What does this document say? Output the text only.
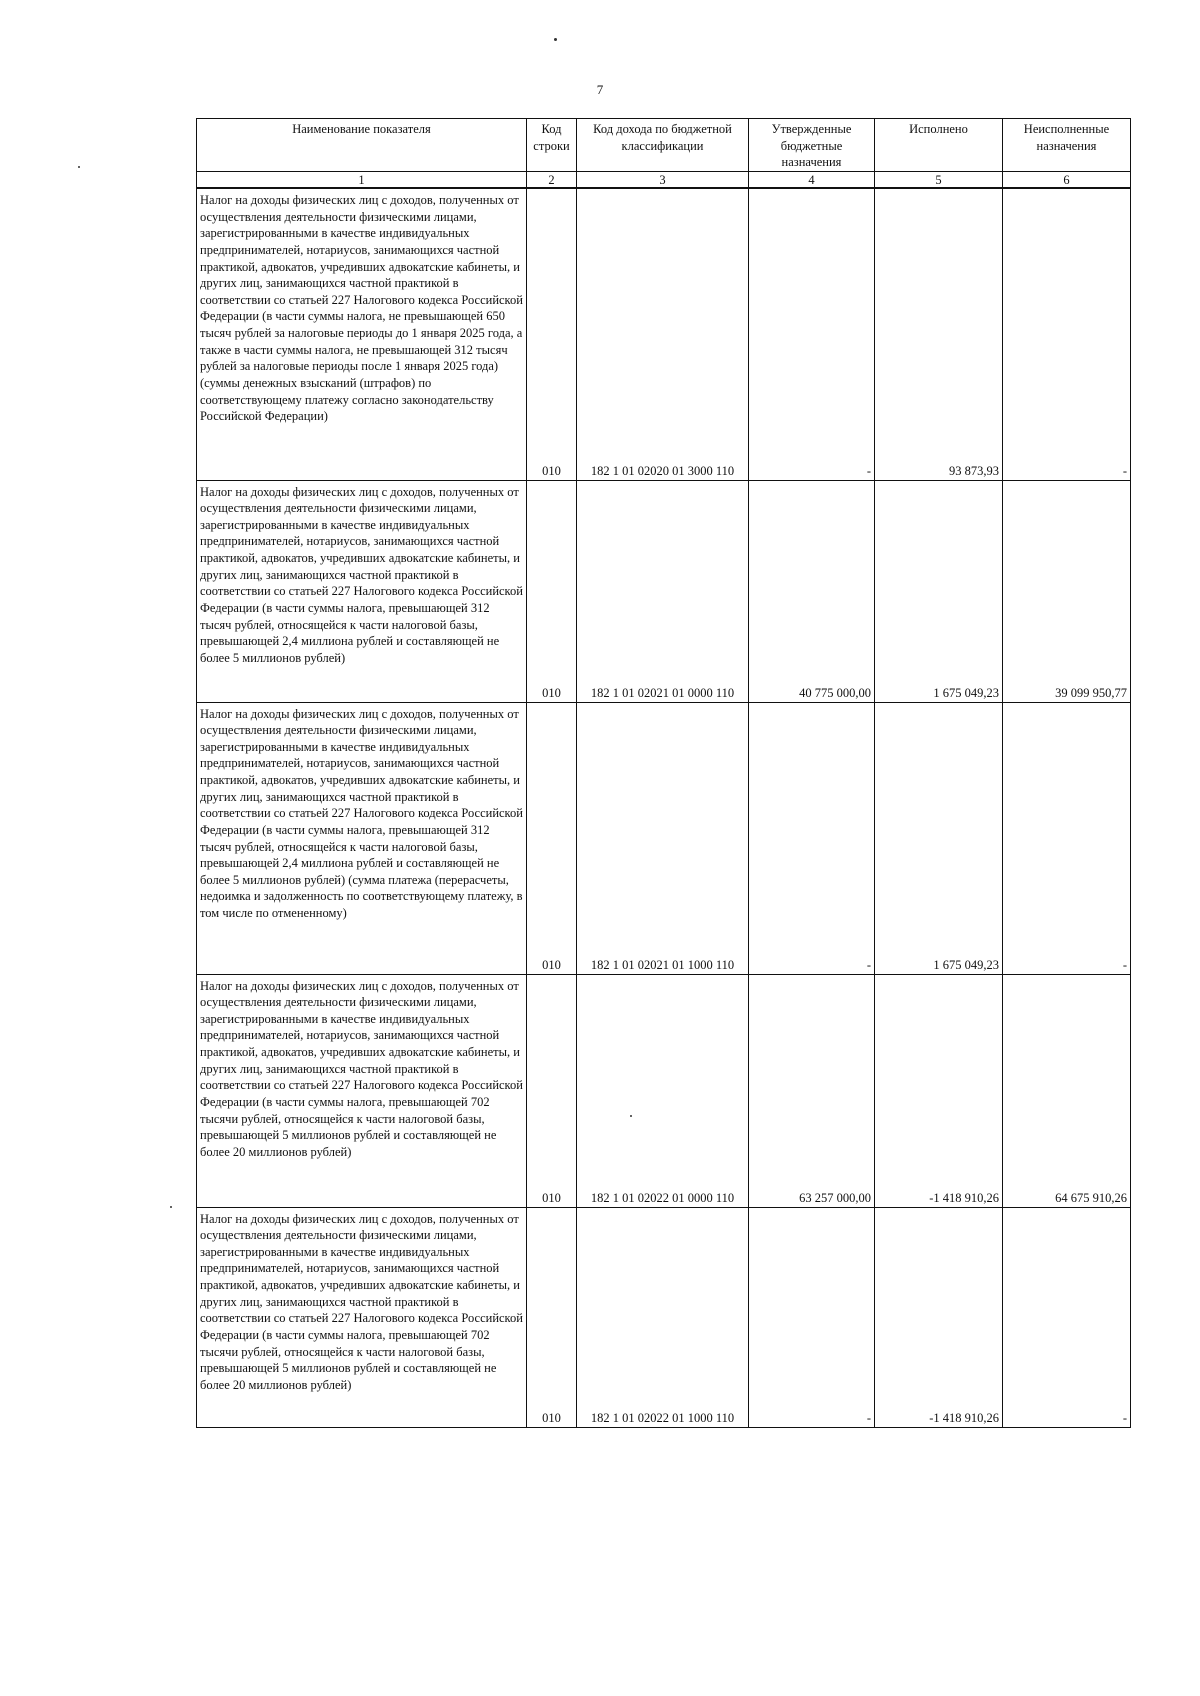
7
Наименование показателя	Код строки	Код дохода по бюджетной классификации	Утвержденные бюджетные назначения	Исполнено	Неисполненные назначения
1	2	3	4	5	6
Налог на доходы физических лиц с доходов, полученных от осуществления деятельности физическими лицами, зарегистрированными в качестве индивидуальных предпринимателей, нотариусов, занимающихся частной практикой, адвокатов, учредивших адвокатские кабинеты, и других лиц, занимающихся частной практикой в соответствии со статьей 227 Налогового кодекса Российской Федерации (в части суммы налога, не превышающей 650 тысяч рублей за налоговые периоды до 1 января 2025 года, а также в части суммы налога, не превышающей 312 тысяч рублей за налоговые периоды после 1 января 2025 года) (суммы денежных взысканий (штрафов) по соответствующему платежу согласно законодательству Российской Федерации)	010	182 1 01 02020 01 3000 110	-	93 873,93	-
Налог на доходы физических лиц с доходов, полученных от осуществления деятельности физическими лицами, зарегистрированными в качестве индивидуальных предпринимателей, нотариусов, занимающихся частной практикой, адвокатов, учредивших адвокатские кабинеты, и других лиц, занимающихся частной практикой в соответствии со статьей 227 Налогового кодекса Российской Федерации (в части суммы налога, превышающей 312 тысяч рублей, относящейся к части налоговой базы, превышающей 2,4 миллиона рублей и составляющей не более 5 миллионов рублей)	010	182 1 01 02021 01 0000 110	40 775 000,00	1 675 049,23	39 099 950,77
Налог на доходы физических лиц с доходов, полученных от осуществления деятельности физическими лицами, зарегистрированными в качестве индивидуальных предпринимателей, нотариусов, занимающихся частной практикой, адвокатов, учредивших адвокатские кабинеты, и других лиц, занимающихся частной практикой в соответствии со статьей 227 Налогового кодекса Российской Федерации (в части суммы налога, превышающей 312 тысяч рублей, относящейся к части налоговой базы, превышающей 2,4 миллиона рублей и составляющей не более 5 миллионов рублей) (сумма платежа (перерасчеты, недоимка и задолженность по соответствующему платежу, в том числе по отмененному)	010	182 1 01 02021 01 1000 110	-	1 675 049,23	-
Налог на доходы физических лиц с доходов, полученных от осуществления деятельности физическими лицами, зарегистрированными в качестве индивидуальных предпринимателей, нотариусов, занимающихся частной практикой, адвокатов, учредивших адвокатские кабинеты, и других лиц, занимающихся частной практикой в соответствии со статьей 227 Налогового кодекса Российской Федерации (в части суммы налога, превышающей 702 тысячи рублей, относящейся к части налоговой базы, превышающей 5 миллионов рублей и составляющей не более 20 миллионов рублей)	010	182 1 01 02022 01 0000 110	63 257 000,00	-1 418 910,26	64 675 910,26
Налог на доходы физических лиц с доходов, полученных от осуществления деятельности физическими лицами, зарегистрированными в качестве индивидуальных предпринимателей, нотариусов, занимающихся частной практикой, адвокатов, учредивших адвокатские кабинеты, и других лиц, занимающихся частной практикой в соответствии со статьей 227 Налогового кодекса Российской Федерации (в части суммы налога, превышающей 702 тысячи рублей, относящейся к части налоговой базы, превышающей 5 миллионов рублей и составляющей не более 20 миллионов рублей)	010	182 1 01 02022 01 1000 110	-	-1 418 910,26	-
